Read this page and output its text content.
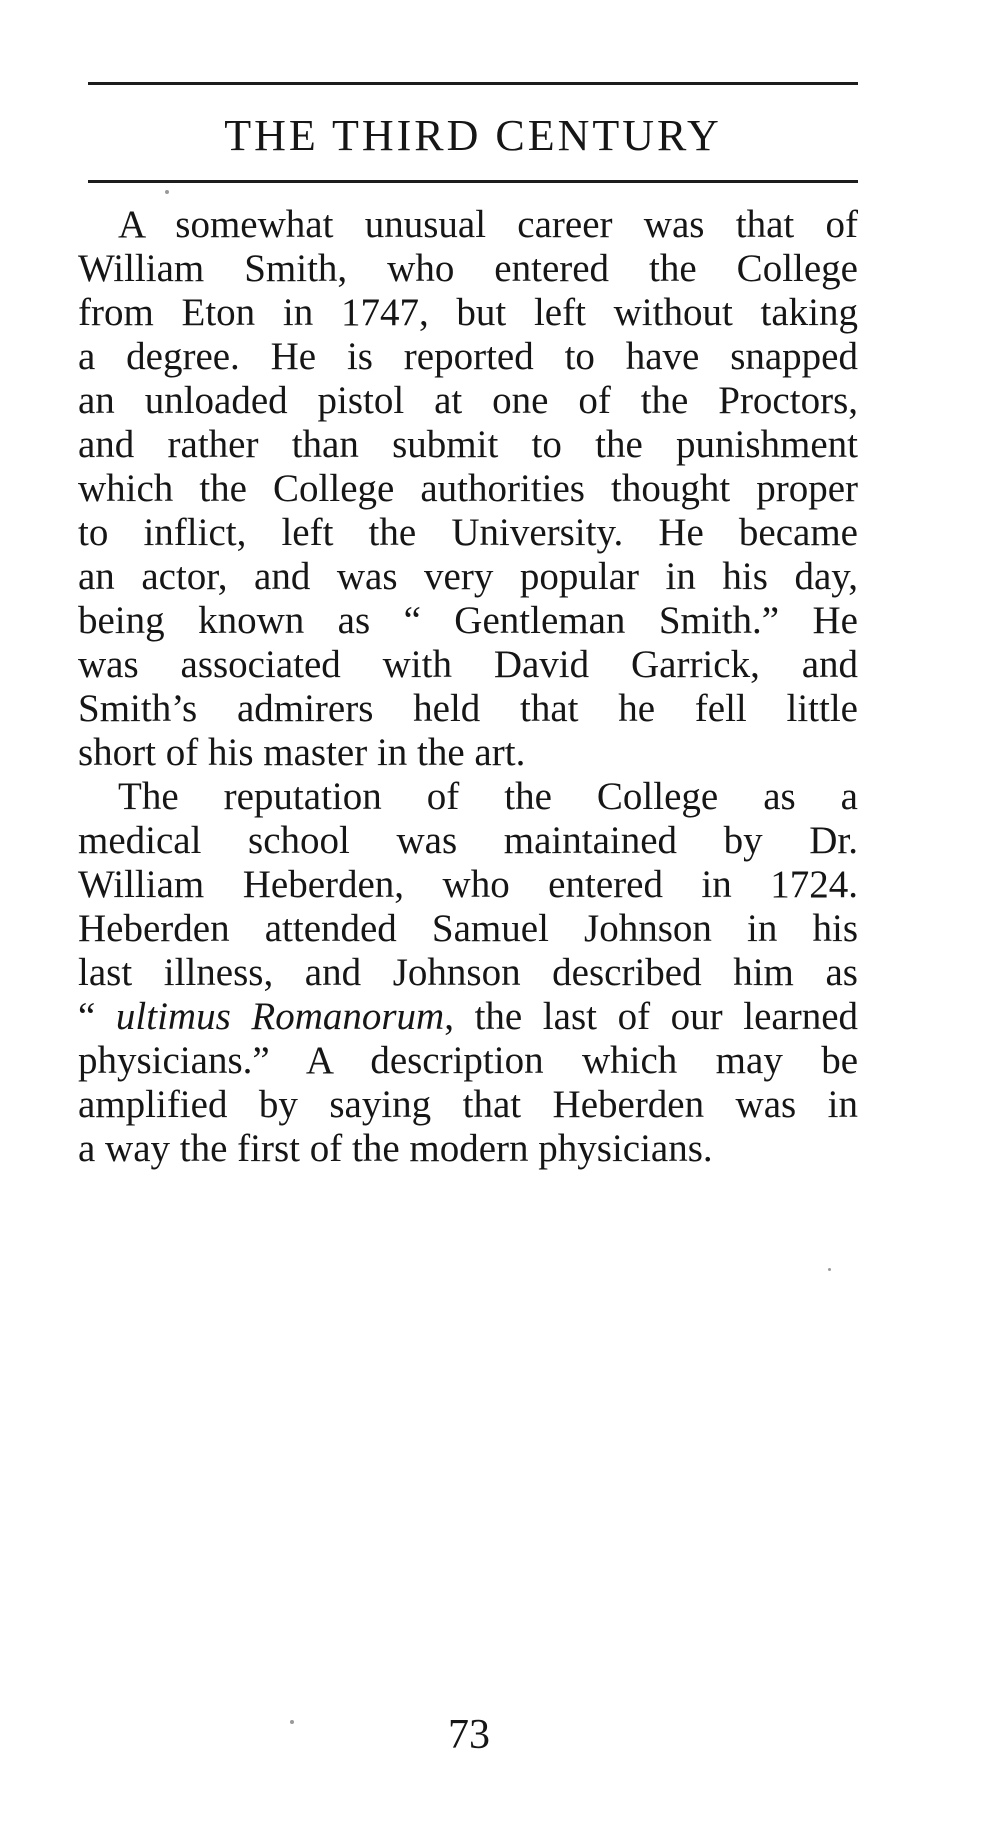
THE THIRD CENTURY
A somewhat unusual career was that of
William Smith, who entered the College
from Eton in 1747, but left without taking
a degree. He is reported to have snapped
an unloaded pistol at one of the Proctors,
and rather than submit to the punishment
which the College authorities thought proper
to inflict, left the University. He became
an actor, and was very popular in his day,
being known as “ Gentleman Smith.” He
was associated with David Garrick, and
Smith’s admirers held that he fell little
short of his master in the art.
The reputation of the College as a
medical school was maintained by Dr.
William Heberden, who entered in 1724.
Heberden attended Samuel Johnson in his
last illness, and Johnson described him as
“ ultimus Romanorum, the last of our learned
physicians.” A description which may be
amplified by saying that Heberden was in
a way the first of the modern physicians.
73
